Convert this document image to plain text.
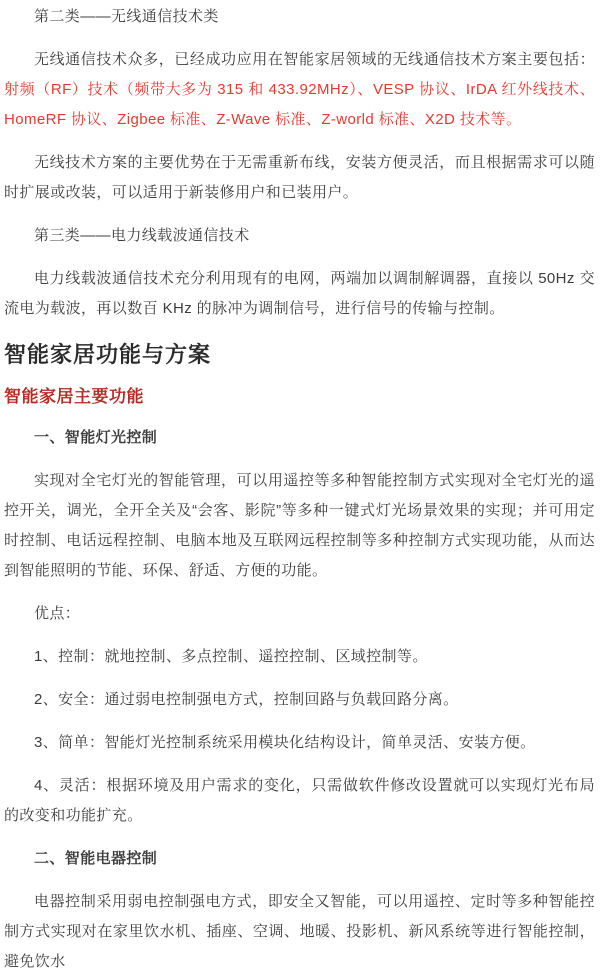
第二类——无线通信技术类

无线通信技术众多，已经成功应用在智能家居领域的无线通信技术方案主要包括：射频（RF）技术（频带大多为 315 和 433.92MHz）、VESP 协议、IrDA 红外线技术、HomeRF 协议、Zigbee 标准、Z-Wave 标准、Z-world 标准、X2D 技术等。

无线技术方案的主要优势在于无需重新布线，安装方便灵活，而且根据需求可以随时扩展或改装，可以适用于新装修用户和已装用户。

第三类——电力线载波通信技术

电力线载波通信技术充分利用现有的电网，两端加以调制解调器，直接以 50Hz 交流电为载波，再以数百 KHz 的脉冲为调制信号，进行信号的传输与控制。

智能家居功能与方案
智能家居主要功能

一、智能灯光控制

实现对全宅灯光的智能管理，可以用遥控等多种智能控制方式实现对全宅灯光的遥控开关，调光，全开全关及“会客、影院”等多种一键式灯光场景效果的实现；并可用定时控制、电话远程控制、电脑本地及互联网远程控制等多种控制方式实现功能，从而达到智能照明的节能、环保、舒适、方便的功能。

优点：

1、控制：就地控制、多点控制、遥控控制、区域控制等。

2、安全：通过弱电控制强电方式，控制回路与负载回路分离。

3、简单：智能灯光控制系统采用模块化结构设计，简单灵活、安装方便。

4、灵活：根据环境及用户需求的变化，只需做软件修改设置就可以实现灯光布局的改变和功能扩充。

二、智能电器控制

电器控制采用弱电控制强电方式，即安全又智能，可以用遥控、定时等多种智能控制方式实现对在家里饮水机、插座、空调、地暖、投影机、新风系统等进行智能控制，避免饮水
